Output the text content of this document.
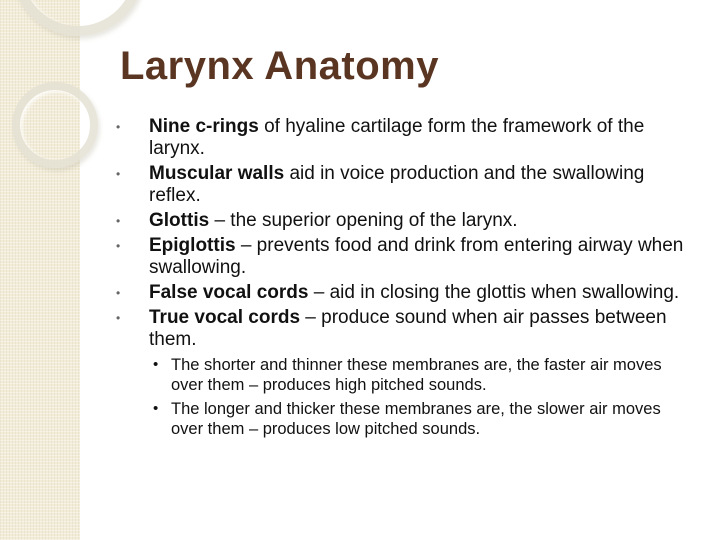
Larynx Anatomy
• Nine c-rings of hyaline cartilage form the framework of the larynx.
• Muscular walls aid in voice production and the swallowing reflex.
• Glottis – the superior opening of the larynx.
• Epiglottis – prevents food and drink from entering airway when swallowing.
• False vocal cords – aid in closing the glottis when swallowing.
• True vocal cords – produce sound when air passes between them.
• The shorter and thinner these membranes are, the faster air moves over them – produces high pitched sounds.
• The longer and thicker these membranes are, the slower air moves over them – produces low pitched sounds.
